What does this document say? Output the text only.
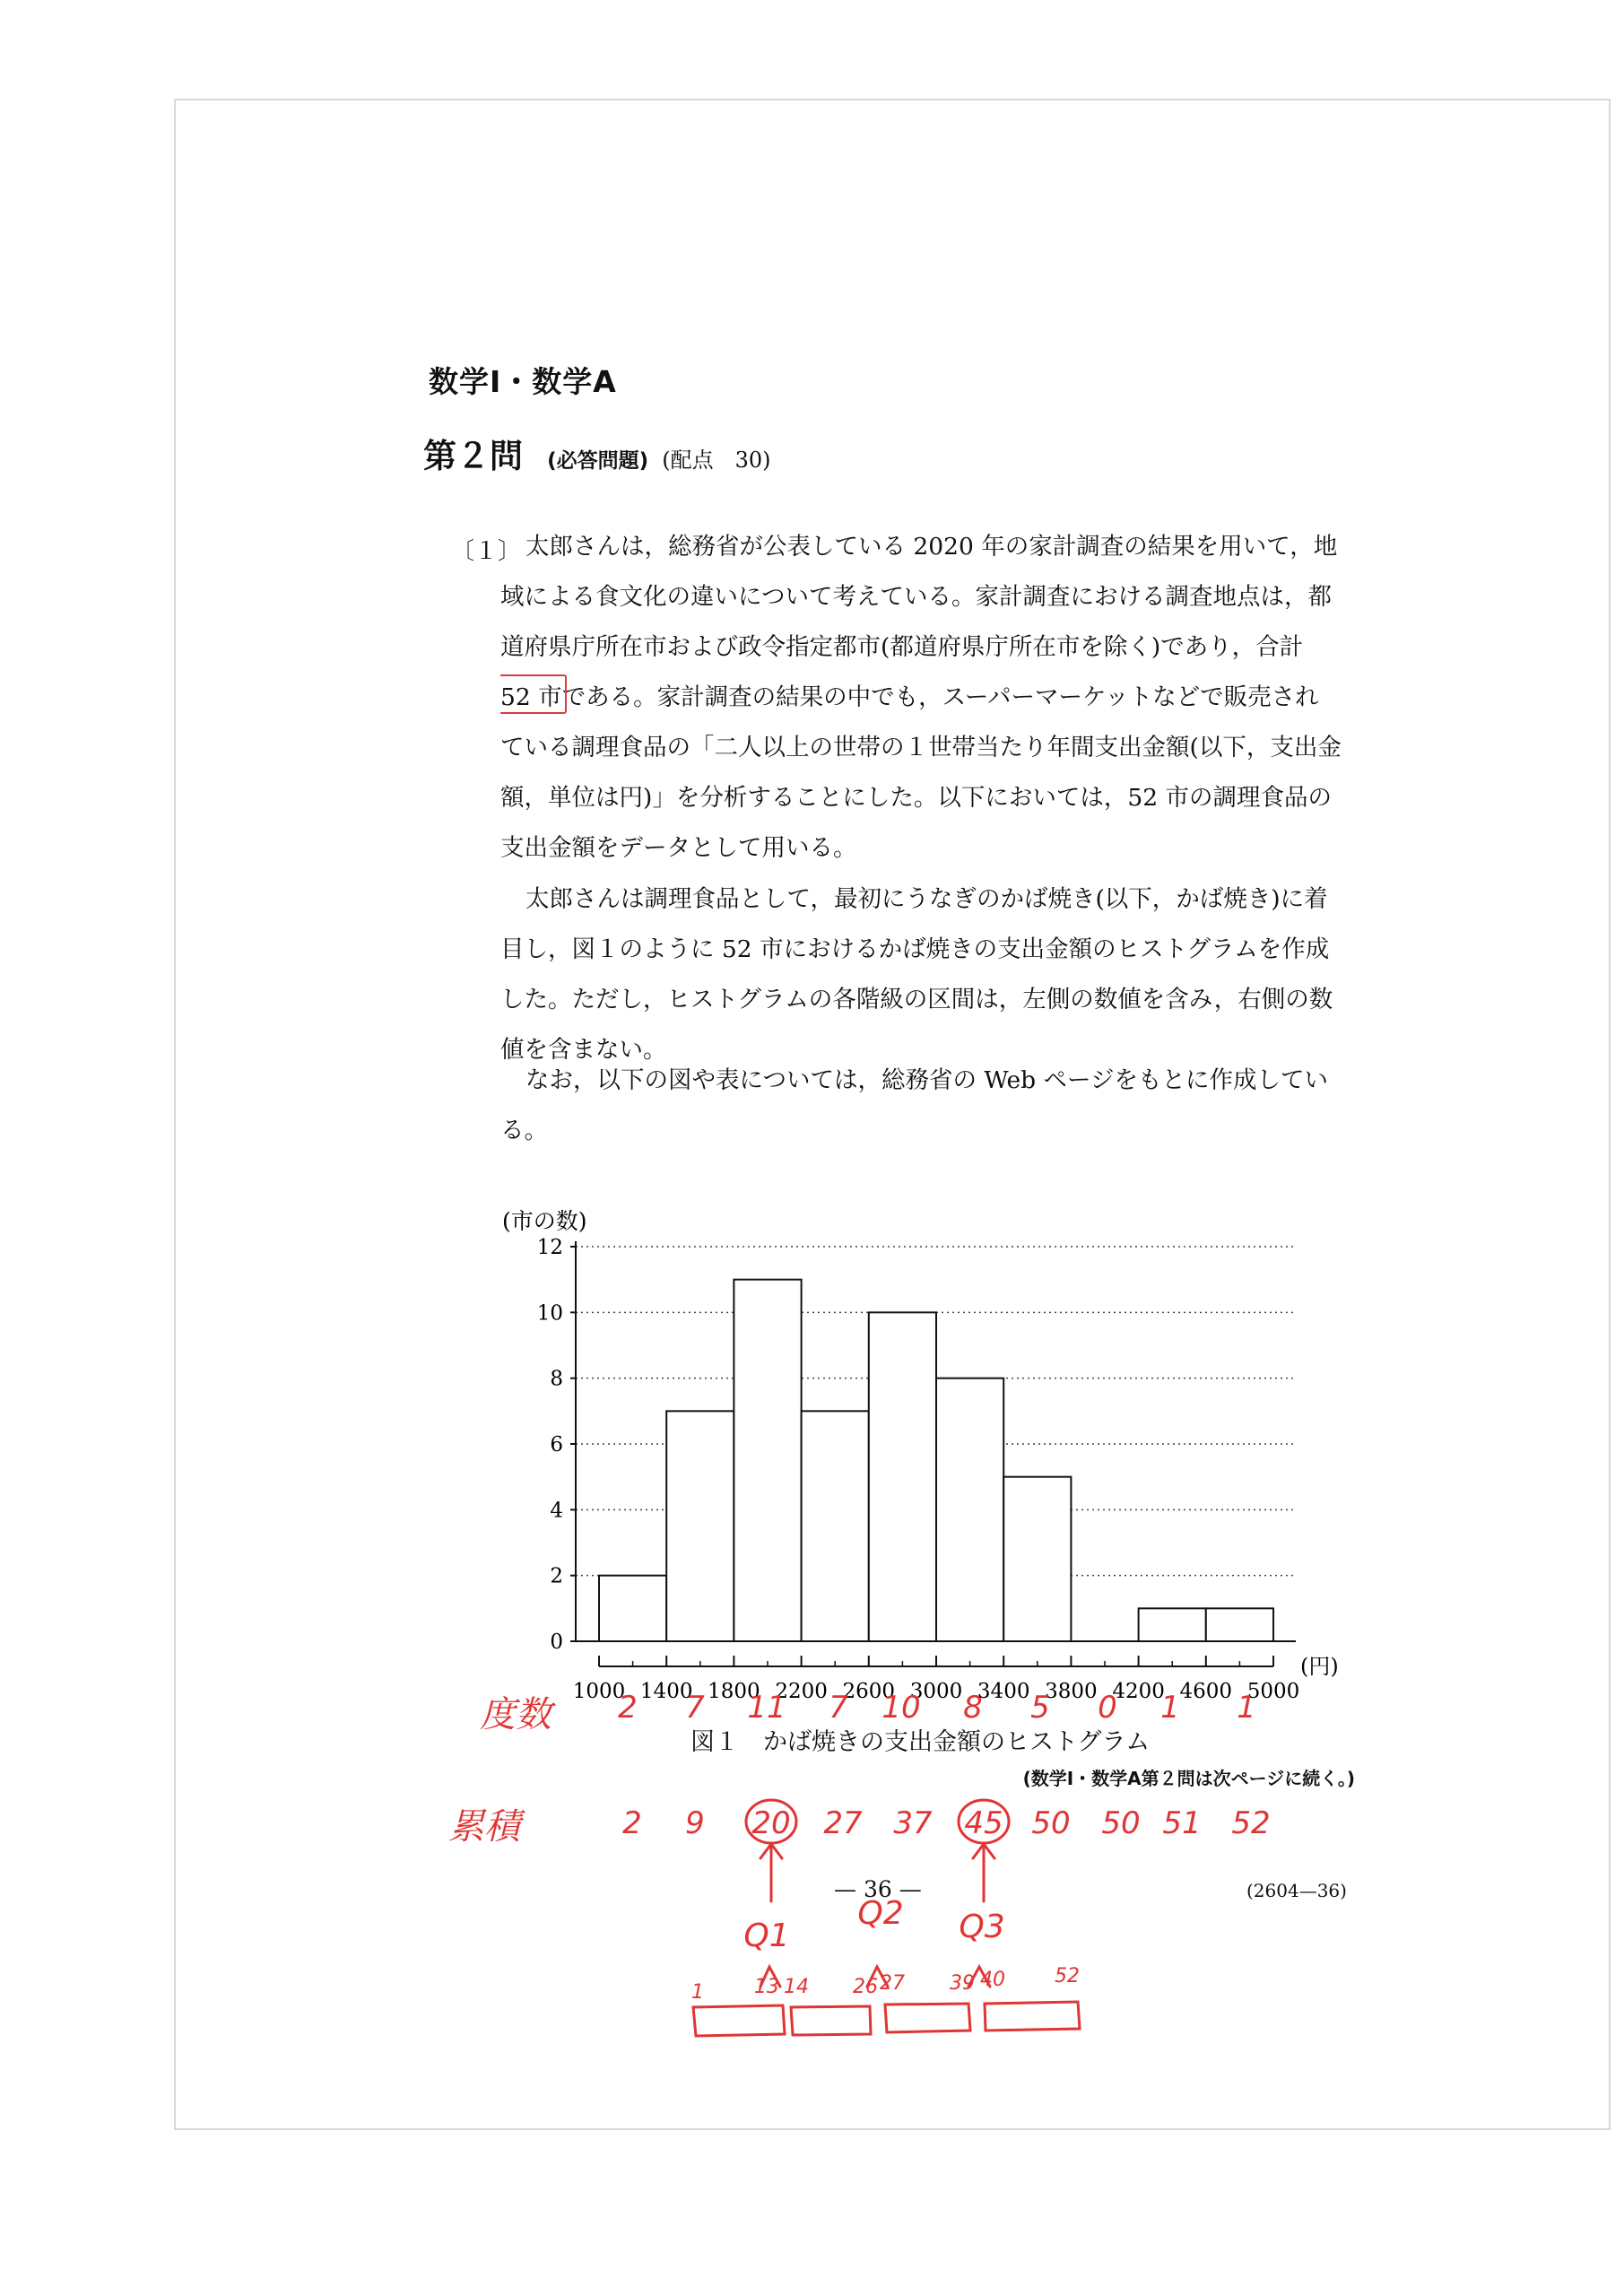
数学Ⅰ・数学A
第２問 (必答問題) (配点　30)
〔１〕 太郎さんは，総務省が公表している 2020 年の家計調査の結果を用いて，地
域による食文化の違いについて考えている。家計調査における調査地点は，都
道府県庁所在市および政令指定都市(都道府県庁所在市を除く)であり，合計
52 市である。家計調査の結果の中でも，スーパーマーケットなどで販売され
ている調理食品の「二人以上の世帯の１世帯当たり年間支出金額(以下，支出金
額，単位は円)」を分析することにした。以下においては，52 市の調理食品の
支出金額をデータとして用いる。
太郎さんは調理食品として，最初にうなぎのかば焼き(以下，かば焼き)に着
目し，図１のように 52 市におけるかば焼きの支出金額のヒストグラムを作成
した。ただし，ヒストグラムの各階級の区間は，左側の数値を含み，右側の数
値を含まない。
なお，以下の図や表については，総務省の Web ページをもとに作成してい
る。
(市の数)
0
2
4
6
8
10
12
1000 1400 1800 2200 2600 3000 3400 3800 4200 4600 5000
(円)
図１　かば焼きの支出金額のヒストグラム
(数学Ⅰ・数学A第２問は次ページに続く。)
— 36 —	(2604—36)
度数
累積
2 7 11 7 10 8 5 0 1 1
2 9 20 27 37 45 50 50 51 52
Q1
Q2 Q3
1	13 14 26 27 39 40	52
